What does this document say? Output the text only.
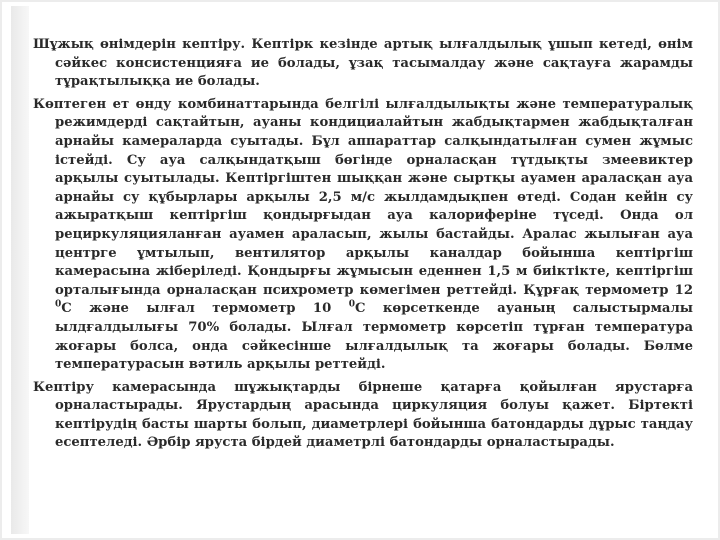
Шұжық өнімдерін кептіру. Кептірк кезінде артық ылғалдылық ұшып кетеді, өнім сәйкес консистенцияға ие болады, ұзақ тасымалдау және сақтауға жарамды тұрақтылыққа ие болады.

Көптеген ет өнду комбинаттарында белгілі ылғалдылықты және температуралық режимдерді сақтайтын, ауаны кондициалайтын жабдықтармен жабдықталған арнайы камераларда суытады. Бұл аппараттар салқындатылған сумен жұмыс істейді. Су ауа салқындатқыш бөгінде орналасқан түтдықты змеевиктер арқылы суытылады. Кептіргіштен шыққан және сыртқы ауамен араласқан ауа арнайы су құбырлары арқылы 2,5 м/с жылдамдықпен өтеді. Содан кейін су ажыратқыш кептіргіш қондырғыдан ауа калориферіне түседі. Онда ол рециркуляцияланған ауамен араласып, жылы бастайды. Аралас жылыған ауа центрге ұмтылып, вентилятор арқылы каналдар бойынша кептіргіш камерасына жіберіледі. Қондырғы жұмысын еденнен 1,5 м биіктікте, кептіргіш орталығында орналасқан психрометр көмегімен реттейді. Құрғақ термометр 12 $^0$С және ылғал термометр 10 $^0$С көрсеткенде ауаның салыстырмалы ылдғалдылығы 70% болады. Ылғал термометр көрсетіп тұрған температура жоғары болса, онда сәйкесінше ылғалдылық та жоғары болады. Бөлме температурасын вәтиль арқылы реттейді.

Кептіру камерасында шұжықтарды бірнеше қатарға қойылған ярустарға орналастырады. Ярустардың арасында циркуляция болуы қажет. Біртекті кептірудің басты шарты болып, диаметрлері бойынша батондарды дұрыс таңдау есептеледі. Әрбір яруста бірдей диаметрлі батондарды орналастырады.
